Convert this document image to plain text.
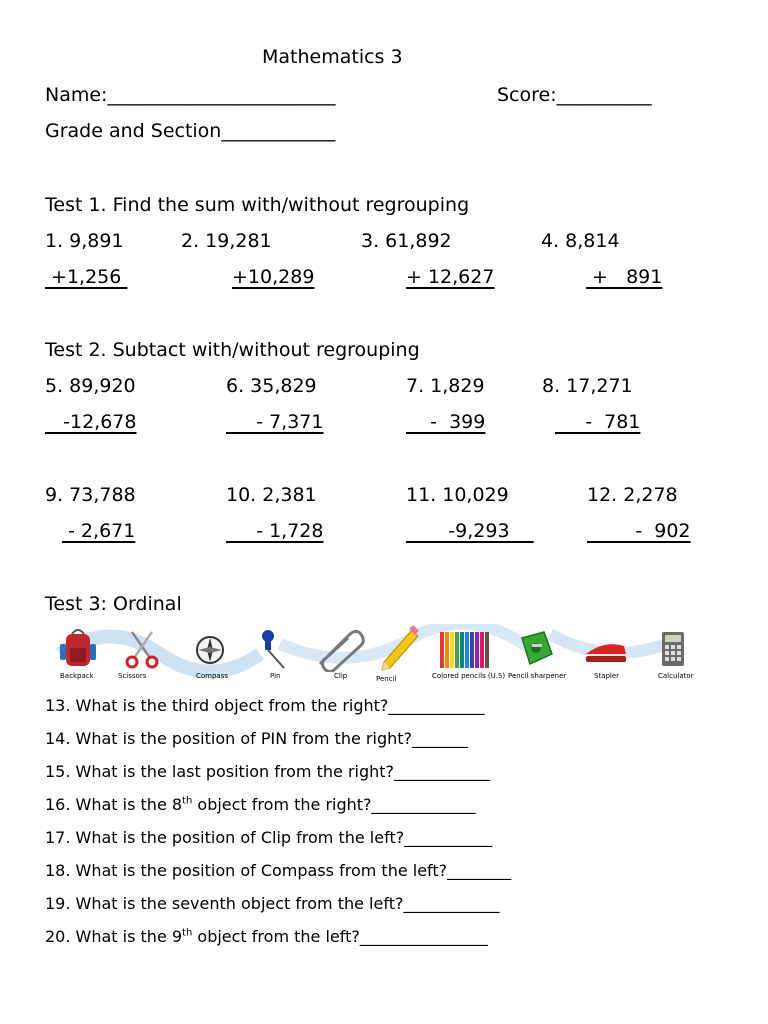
Mathematics 3
Name:________________________	Score:__________
Grade and Section____________
Test 1. Find the sum with/without regrouping
1. 9,891	2. 19,281	3. 61,892	4. 8,814
+1,256	+10,289	+ 12,627	+   891
Test 2. Subtact with/without regrouping
5. 89,920	6. 35,829	7. 1,829	8. 17,271
-12,678	- 7,371	-  399	-  781
9. 73,788	10. 2,381	11. 10,029	12. 2,278
- 2,671	- 1,728	-9,293	-  902
Test 3: Ordinal
Backpack	Scissors	Compass	Pin	Clip	Pencil	Colored pencils (U.S) Pencil sharpener	Stapler	Calculator
13. What is the third object from the right?____________
14. What is the position of PIN from the right?_______
15. What is the last position from the right?____________
16. What is the 8th object from the right?_____________
17. What is the position of Clip from the left?___________
18. What is the position of Compass from the left?________
19. What is the seventh object from the left?____________
20. What is the 9th object from the left?________________
